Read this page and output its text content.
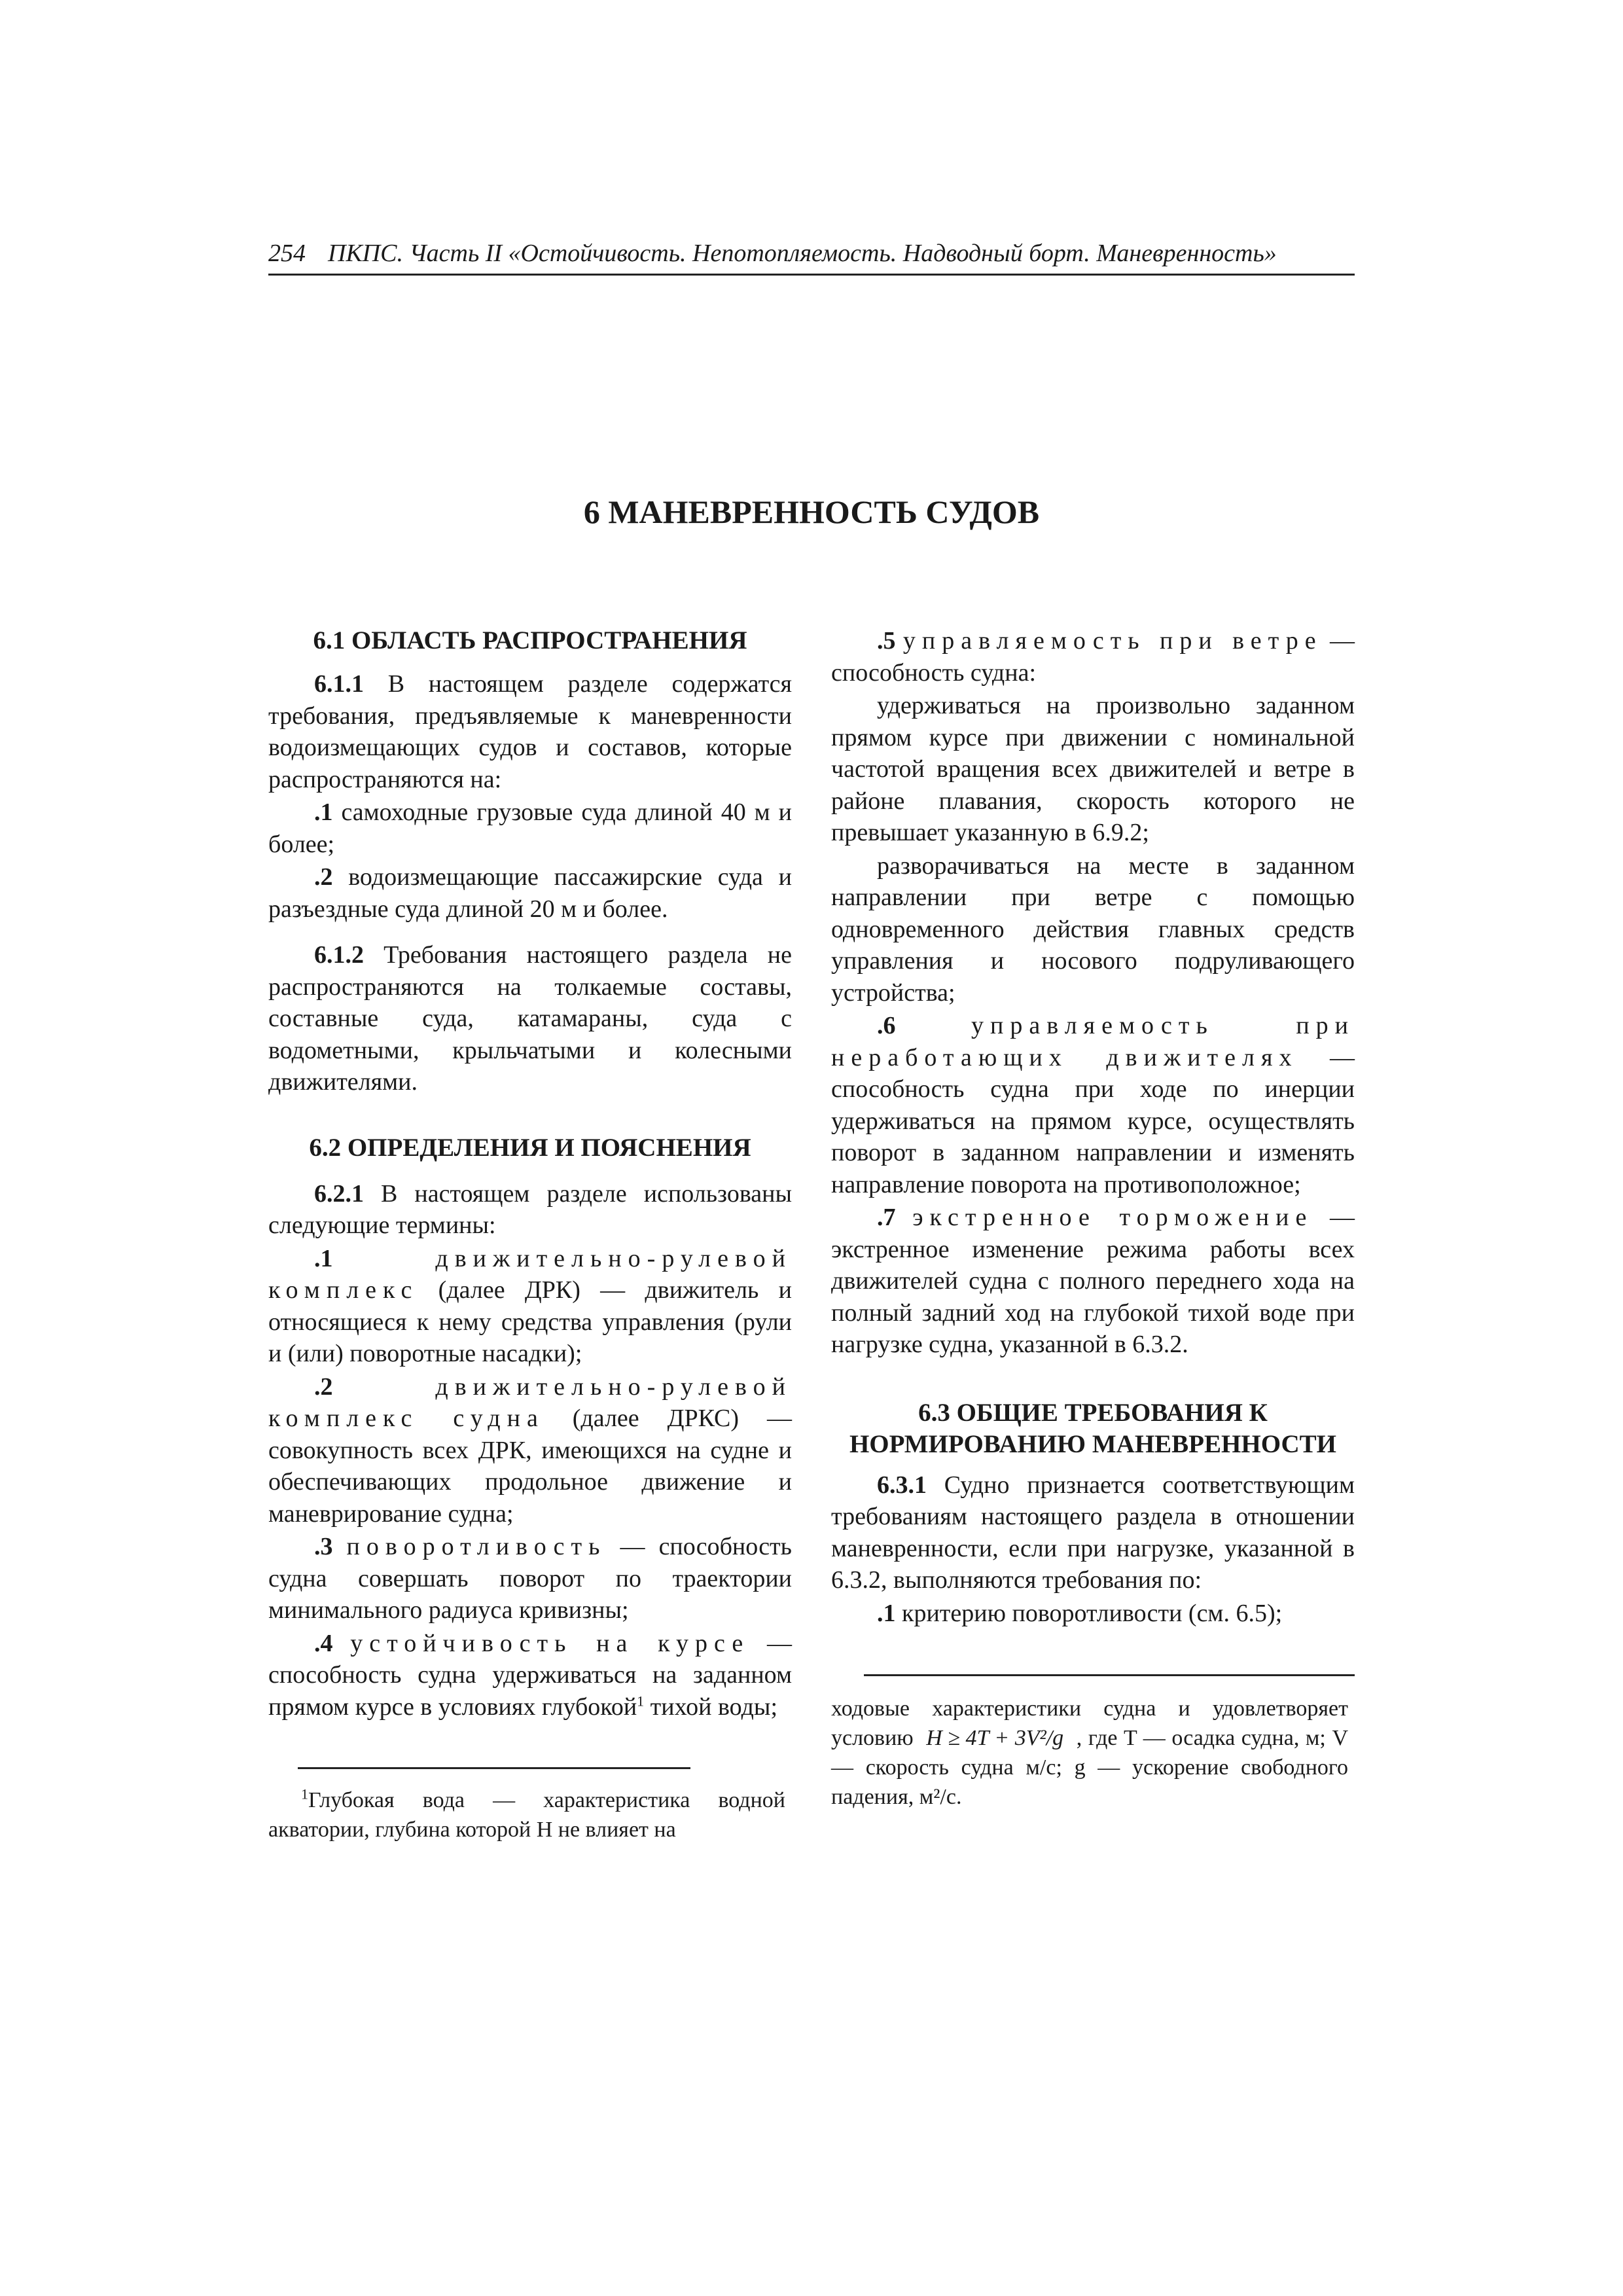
254 ПКПС. Часть II «Остойчивость. Непотопляемость. Надводный борт. Маневренность»
6 МАНЕВРЕННОСТЬ СУДОВ
6.1 ОБЛАСТЬ РАСПРОСТРАНЕНИЯ

6.1.1 В настоящем разделе содержатся требования, предъявляемые к маневренности водоизмещающих судов и составов, которые распространяются на:

.1 самоходные грузовые суда длиной 40 м и более;

.2 водоизмещающие пассажирские суда и разъездные суда длиной 20 м и более.

6.1.2 Требования настоящего раздела не распространяются на толкаемые составы, составные суда, катамараны, суда с водометными, крыльчатыми и колесными движителями.

6.2 ОПРЕДЕЛЕНИЯ И ПОЯСНЕНИЯ

6.2.1 В настоящем разделе использованы следующие термины:

.1	движительно-рулевой комплекс (далее ДРК) — движитель и относящиеся к нему средства управления (рули и (или) поворотные насадки);

.2	движительно-рулевой комплекс судна (далее ДРКС) — совокупность всех ДРК, имеющихся на судне и обеспечивающих продольное движение и маневрирование судна;

.3 поворотливость — способность судна совершать поворот по траектории минимального радиуса кривизны;

.4 устойчивость на курсе — способность судна удерживаться на заданном прямом курсе в условиях глубокой$^1$ тихой воды;

$^1$Глубокая вода — характеристика водной акватории, глубина которой H не влияет на

.5 управляемость при ветре — способность судна:

удерживаться на произвольно заданном прямом курсе при движении с номинальной частотой вращения всех движителей и ветре в районе плавания, скорость которого не превышает указанную в 6.9.2;

разворачиваться на месте в заданном направлении при ветре с помощью одновременного действия главных средств управления и носового подруливающего устройства;

.6	управляемость при неработающих движителях — способность судна при ходе по инерции удерживаться на прямом курсе, осуществлять поворот в заданном направлении и изменять направление поворота на противоположное;

.7 экстренное торможение — экстренное изменение режима работы всех движителей судна с полного переднего хода на полный задний ход на глубокой тихой воде при нагрузке судна, указанной в 6.3.2.

6.3 ОБЩИЕ ТРЕБОВАНИЯ К НОРМИРОВАНИЮ МАНЕВРЕННОСТИ

6.3.1 Судно признается соответствующим требованиям настоящего раздела в отношении маневренности, если при нагрузке, указанной в 6.3.2, выполняются требования по:

.1 критерию поворотливости (см. 6.5);

ходовые характеристики судна и удовлетворяет условию H ≥ 4T + 3V²/g , где T — осадка судна, м; V — скорость судна м/с; g — ускорение свободного падения, м²/с.
